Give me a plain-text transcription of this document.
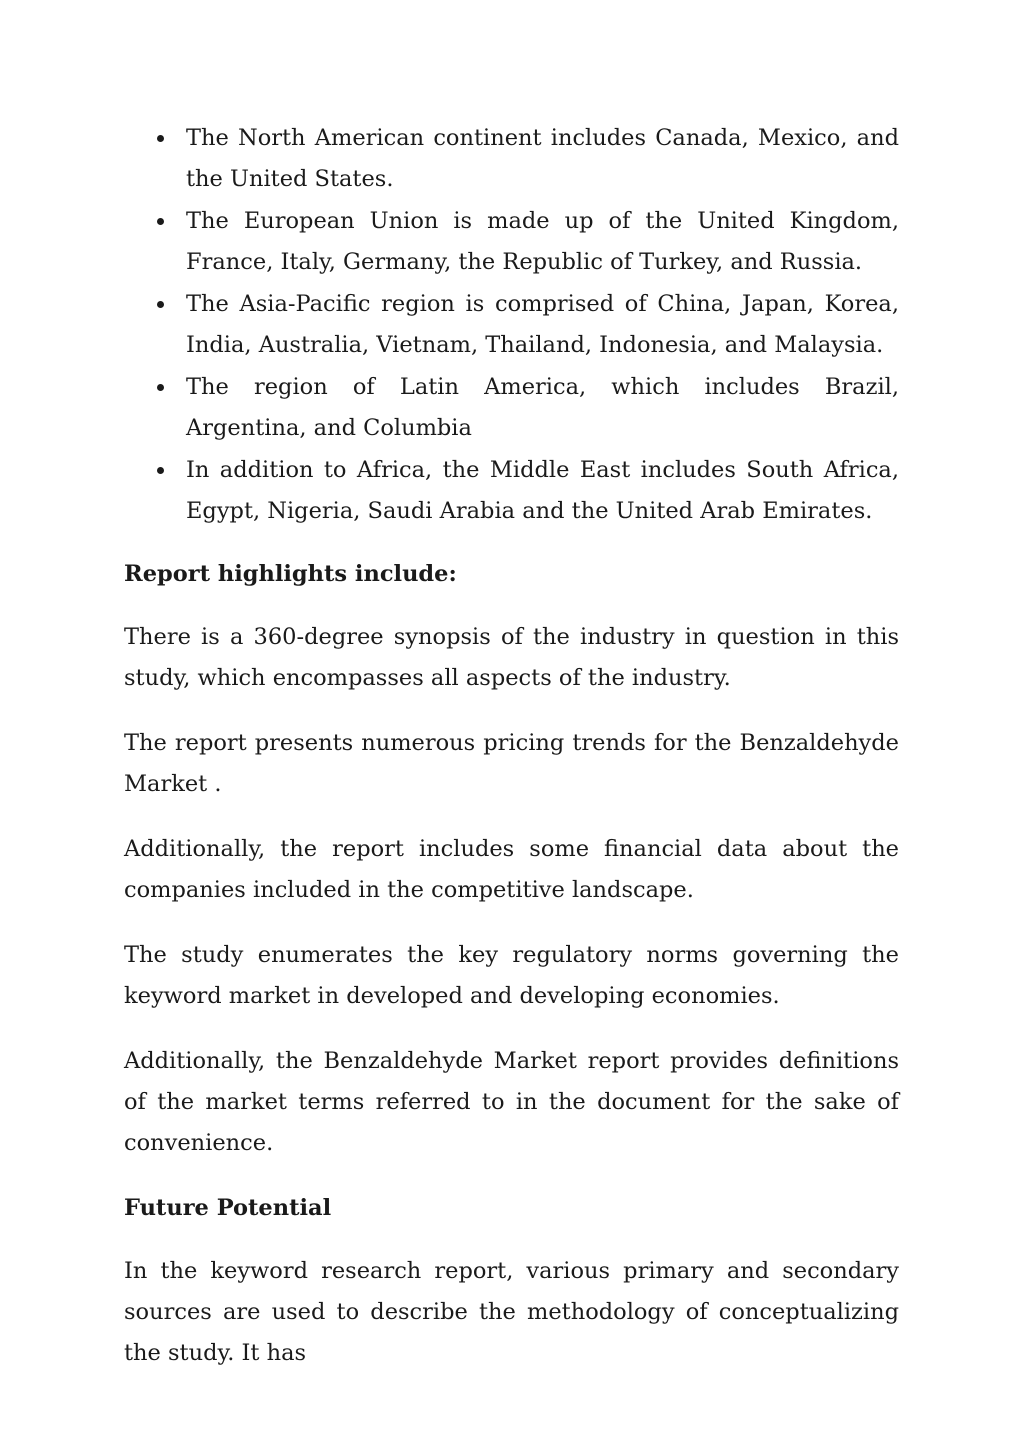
The North American continent includes Canada, Mexico, and the United States.
The European Union is made up of the United Kingdom, France, Italy, Germany, the Republic of Turkey, and Russia.
The Asia-Pacific region is comprised of China, Japan, Korea, India, Australia, Vietnam, Thailand, Indonesia, and Malaysia.
The region of Latin America, which includes Brazil, Argentina, and Columbia
In addition to Africa, the Middle East includes South Africa, Egypt, Nigeria, Saudi Arabia and the United Arab Emirates.
Report highlights include:

There is a 360-degree synopsis of the industry in question in this study, which encompasses all aspects of the industry.

The report presents numerous pricing trends for the Benzaldehyde Market .

Additionally, the report includes some financial data about the companies included in the competitive landscape.

The study enumerates the key regulatory norms governing the keyword market in developed and developing economies.

Additionally, the Benzaldehyde Market report provides definitions of the market terms referred to in the document for the sake of convenience.

Future Potential

In the keyword research report, various primary and secondary sources are used to describe the methodology of conceptualizing the study. It has
